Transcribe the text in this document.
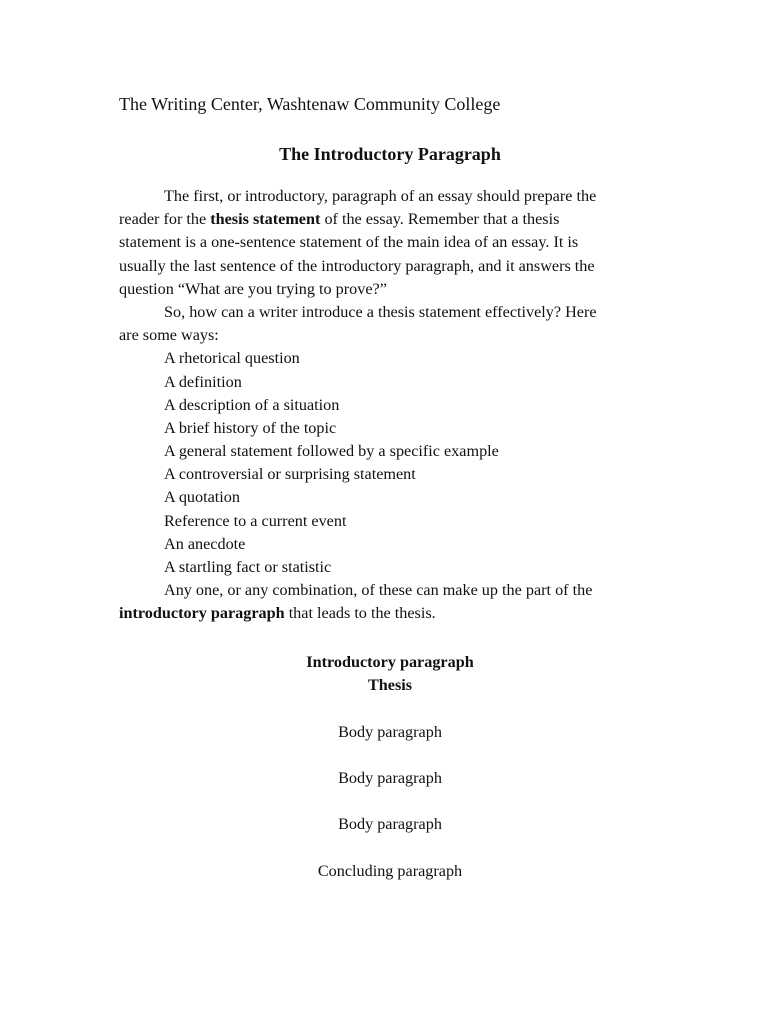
The Writing Center, Washtenaw Community College
The Introductory Paragraph
The first, or introductory, paragraph of an essay should prepare the
reader for the thesis statement of the essay. Remember that a thesis
statement is a one-sentence statement of the main idea of an essay. It is
usually the last sentence of the introductory paragraph, and it answers the
question “What are you trying to prove?”
So, how can a writer introduce a thesis statement effectively? Here
are some ways:
A rhetorical question
A definition
A description of a situation
A brief history of the topic
A general statement followed by a specific example
A controversial or surprising statement
A quotation
Reference to a current event
An anecdote
A startling fact or statistic
Any one, or any combination, of these can make up the part of the
introductory paragraph that leads to the thesis.
Introductory paragraph
Thesis
Body paragraph
Body paragraph
Body paragraph
Concluding paragraph
